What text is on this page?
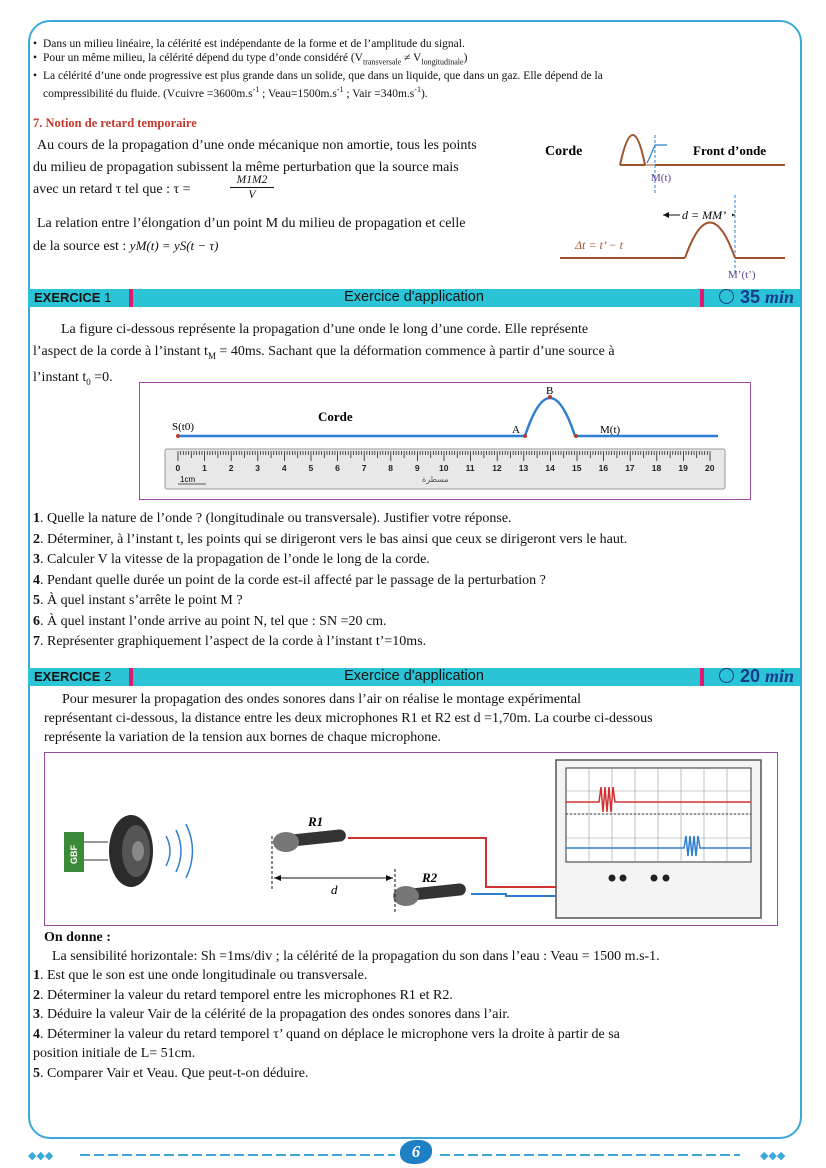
• Dans un milieu linéaire, la célérité est indépendante de la forme et de l’amplitude du signal.
• Pour un même milieu, la célérité dépend du type d’onde considéré $(V_{transversale} \ne V_{longitudinale})$
• La célérité d’une onde progressive est plus grande dans un solide, que dans un liquide, que dans un gaz. Elle dépend de la
compressibilité du fluide. (Vcuivre $=3600m.s^{-1}$ ; $Veau=1500m.s^{-1}$ ; Vair $=340m.s^{-1}$).
7. Notion de retard temporaire
Au cours de la propagation d’une onde mécanique non amortie, tous les points
du milieu de propagation subissent la même perturbation que la source mais
avec un retard τ tel que : τ =
M1M2
V
La relation entre l’élongation d’un point M du milieu de propagation et celle
de la source est : yM(t) = yS(t − τ)
Corde	Front d’onde
M(t)
d = MM’
Δt = t’ − t
M’(t’)
Exercice d'application
EXERCICE 1	35 min
La figure ci-dessous représente la propagation d’une onde le long d’une corde. Elle représente
l’aspect de la corde à l’instant $t_M = 40ms$. Sachant que la déformation commence à partir d’une source à
l’instant $t_0 =0$.
S(t0)
Corde
A
B
M(t)
0	1	2	3	4	5	6	7	8	9 10 11 12 13 14 15 16 17 18 19 20
1cm	مسطرة
1. Quelle la nature de l’onde ? (longitudinale ou transversale). Justifier votre réponse.
2. Déterminer, à l’instant t, les points qui se dirigeront vers le bas ainsi que ceux se dirigeront vers le haut.
3. Calculer V la vitesse de la propagation de l’onde le long de la corde.
4. Pendant quelle durée un point de la corde est-il affecté par le passage de la perturbation ?
5. À quel instant s’arrête le point M ?
6. À quel instant l’onde arrive au point N, tel que : SN =20 cm.
7. Représenter graphiquement l’aspect de la corde à l’instant t’=10ms.
Exercice d'application
EXERCICE 2	20 min
Pour mesurer la propagation des ondes sonores dans l’air on réalise le montage expérimental
représentant ci-dessous, la distance entre les deux microphones R1 et R2 est d =1,70m. La courbe ci-dessous
représente la variation de la tension aux bornes de chaque microphone.
GBF
R1
R2
d
On donne :
La sensibilité horizontale: Sh =1ms/div ; la célérité de la propagation du son dans l’eau : Veau = 1500 m.s-1.
1. Est que le son est une onde longitudinale ou transversale.
2. Déterminer la valeur du retard temporel entre les microphones R1 et R2.
3. Déduire la valeur Vair de la célérité de la propagation des ondes sonores dans l’air.
4. Déterminer la valeur du retard temporel τ’ quand on déplace le microphone vers la droite à partir de sa
position initiale de L= 51cm.
5. Comparer Vair et Veau. Que peut-t-on déduire.
◆◆◆	◆◆◆
6
